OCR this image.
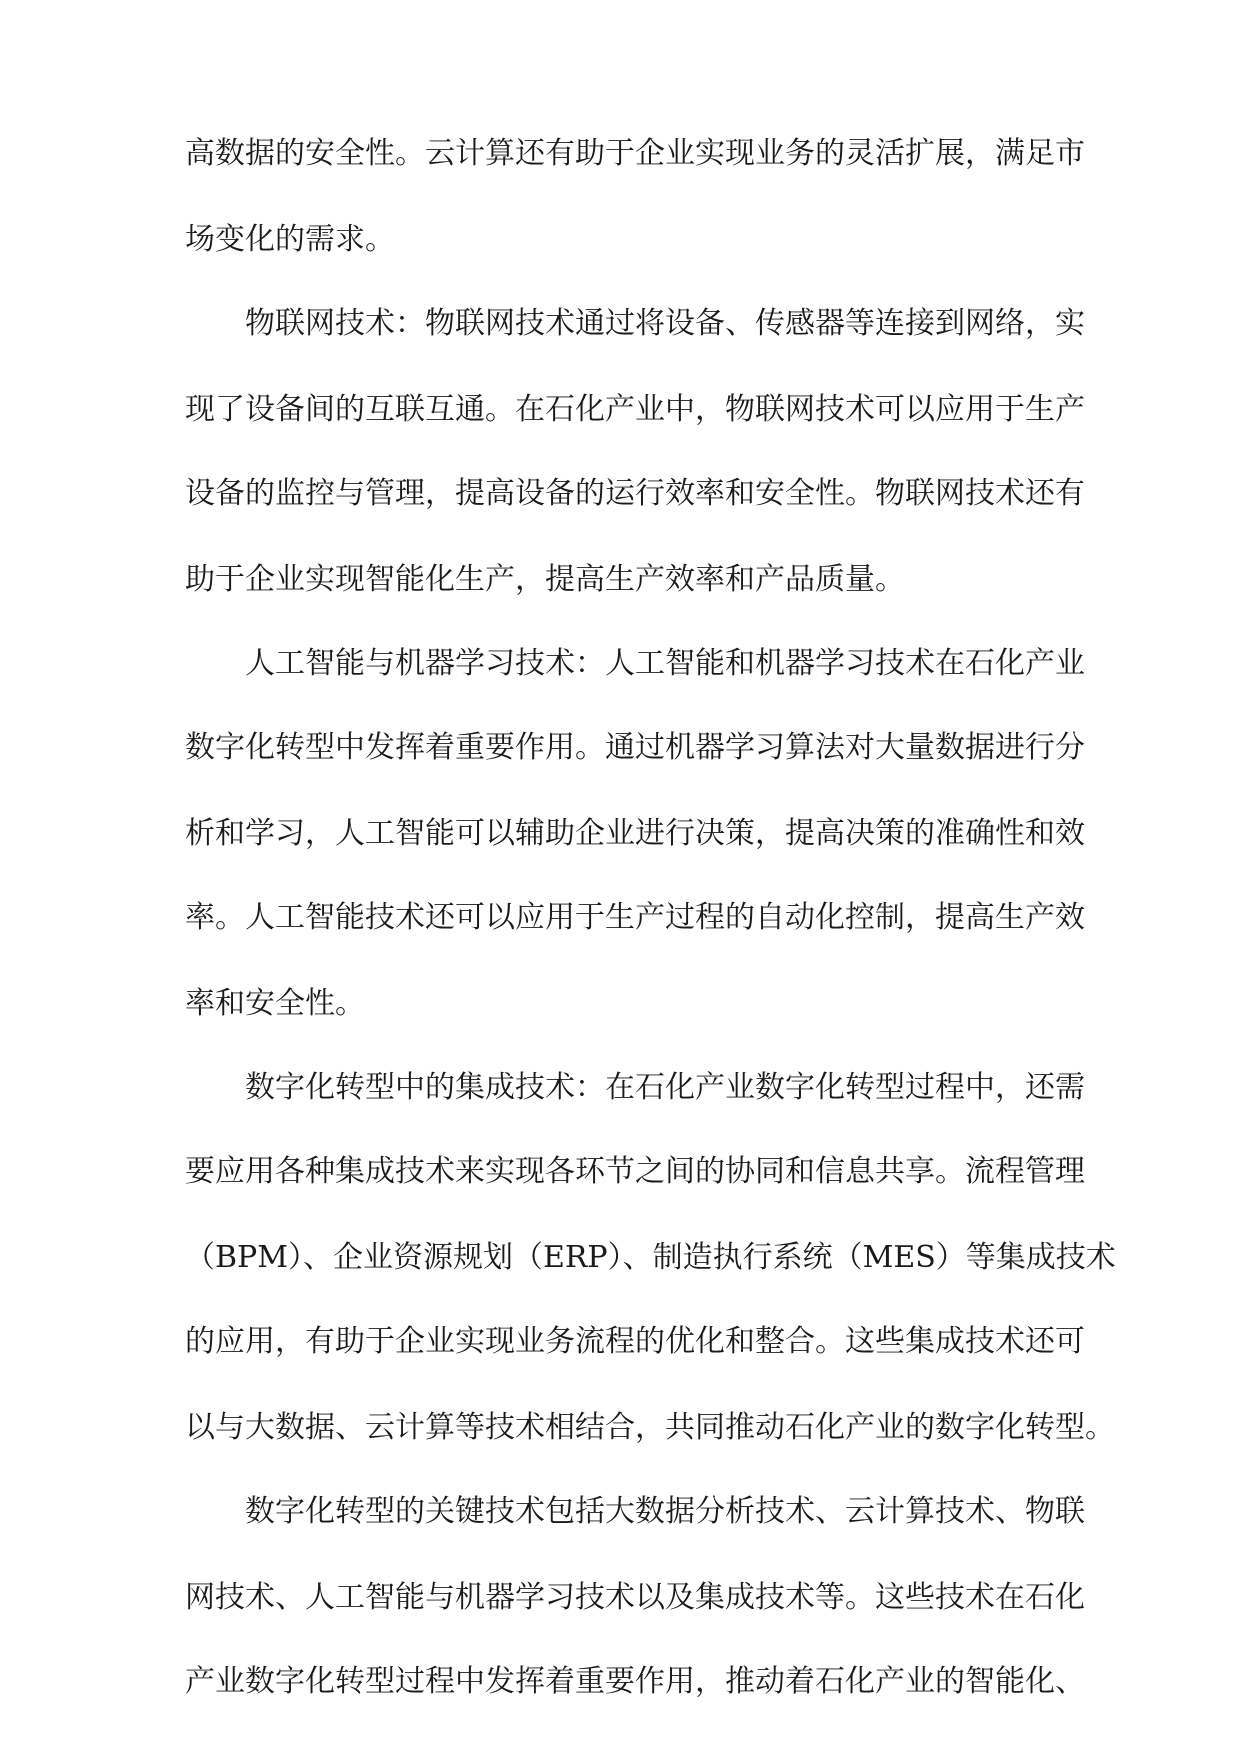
高数据的安全性。云计算还有助于企业实现业务的灵活扩展，满足市
场变化的需求。
物联网技术：物联网技术通过将设备、传感器等连接到网络，实
现了设备间的互联互通。在石化产业中，物联网技术可以应用于生产
设备的监控与管理，提高设备的运行效率和安全性。物联网技术还有
助于企业实现智能化生产，提高生产效率和产品质量。
人工智能与机器学习技术：人工智能和机器学习技术在石化产业
数字化转型中发挥着重要作用。通过机器学习算法对大量数据进行分
析和学习，人工智能可以辅助企业进行决策，提高决策的准确性和效
率。人工智能技术还可以应用于生产过程的自动化控制，提高生产效
率和安全性。
数字化转型中的集成技术：在石化产业数字化转型过程中，还需
要应用各种集成技术来实现各环节之间的协同和信息共享。流程管理
（BPM）、企业资源规划（ERP）、制造执行系统（MES）等集成技术
的应用，有助于企业实现业务流程的优化和整合。这些集成技术还可
以与大数据、云计算等技术相结合，共同推动石化产业的数字化转型。
数字化转型的关键技术包括大数据分析技术、云计算技术、物联
网技术、人工智能与机器学习技术以及集成技术等。这些技术在石化
产业数字化转型过程中发挥着重要作用，推动着石化产业的智能化、
